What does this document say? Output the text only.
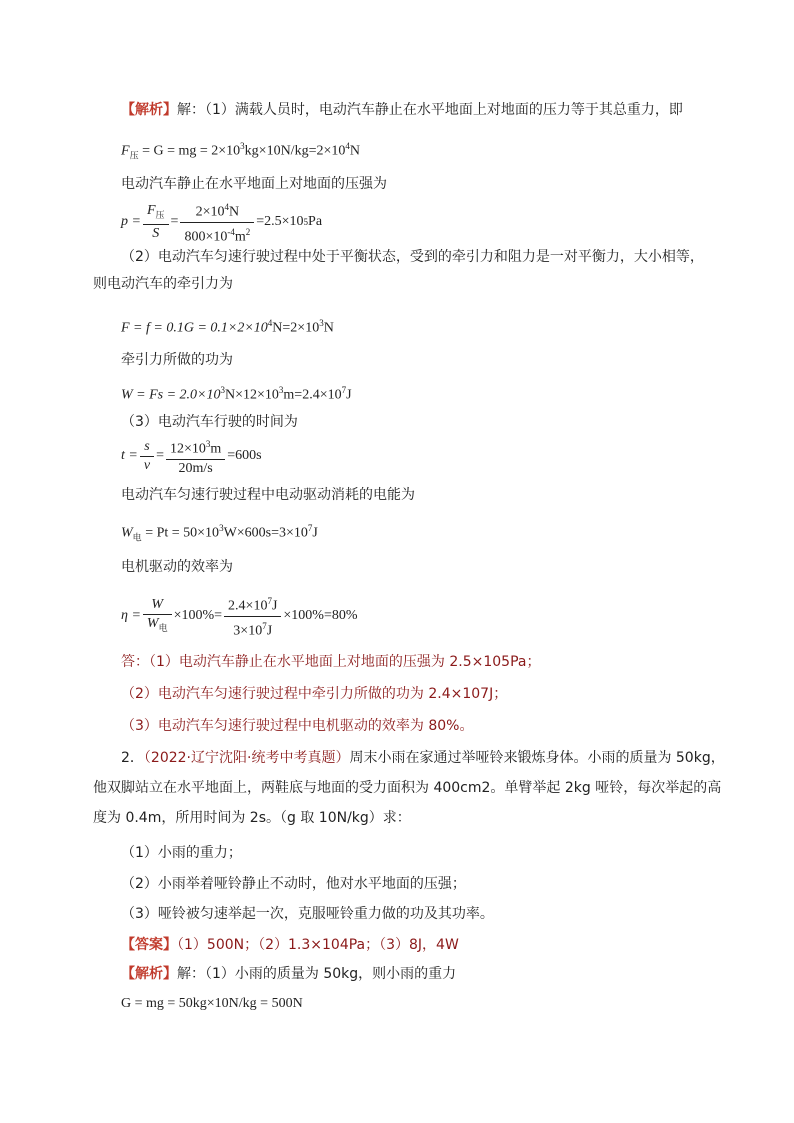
【解析】解：（1）满载人员时，电动汽车静止在水平地面上对地面的压力等于其总重力，即
$F_压 = G$ = mg = $2\times 10^3kg\times 10N/kg=2\times 10^4N$
电动汽车静止在水平地面上对地面的压强为
$p = \frac{F_压}{S} = \frac{2\times 10^4N}{800\times 10^{-4}m^2} =2.5\times 10$ 5 Pa
（2）电动汽车匀速行驶过程中处于平衡状态，受到的牵引力和阻力是一对平衡力，大小相等，
则电动汽车的牵引力为
$F = f = 0.1G = 0.1\times 2\times 10^4N=2\times 10^3N$
牵引力所做的功为
$W = Fs = 2.0\times 10^3N\times 12\times 10^3m=2.4\times 10^7J$
（3）电动汽车行驶的时间为
$t = \frac{s}{v} = \frac{12\times 10^3m}{20m/s} =600s$
电动汽车匀速行驶过程中电动驱动消耗的电能为
$W_电 = Pt = 50\times 10^3W\times 600s=3\times 10^7J$
电机驱动的效率为
$\eta = \frac{W}{W_电} \times 100\%= \frac{2.4\times 10^7J}{3\times 10^7J} \times 100\%=80\%$
答：（1）电动汽车静止在水平地面上对地面的压强为 2.5×105Pa；
（2）电动汽车匀速行驶过程中牵引力所做的功为 2.4×107J；
（3）电动汽车匀速行驶过程中电机驱动的效率为 80%。
2．（2022·辽宁沈阳·统考中考真题）周末小雨在家通过举哑铃来锻炼身体。小雨的质量为 50kg，
他双脚站立在水平地面上，两鞋底与地面的受力面积为 400cm2。单臂举起 2kg 哑铃，每次举起的高
度为 0.4m，所用时间为 2s。（g 取 10N/kg）求：
（1）小雨的重力；
（2）小雨举着哑铃静止不动时，他对水平地面的压强；
（3）哑铃被匀速举起一次，克服哑铃重力做的功及其功率。
【答案】（1）500N；（2）1.3×104Pa；（3）8J，4W
【解析】解：（1）小雨的质量为 50kg，则小雨的重力
G = mg = 50kg×10N/kg = 500N
